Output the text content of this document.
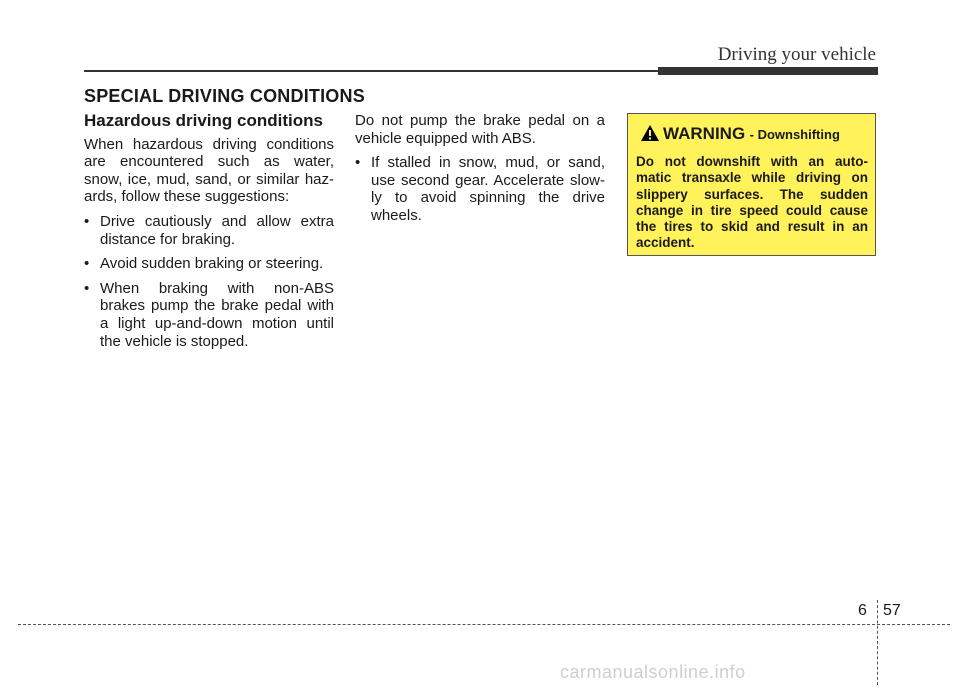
Driving your vehicle
SPECIAL DRIVING CONDITIONS

Hazardous driving conditions

When hazardous driving conditions are encountered such as water, snow, ice, mud, sand, or similar haz-ards, follow these suggestions:

• Drive cautiously and allow extra distance for braking.
• Avoid sudden braking or steering.
• When braking with non-ABS brakes pump the brake pedal with a light up-and-down motion until the vehicle is stopped.

Do not pump the brake pedal on a vehicle equipped with ABS.

• If stalled in snow, mud, or sand, use second gear. Accelerate slow-ly to avoid spinning the drive wheels.
WARNING - Downshifting
Do not downshift with an auto-matic transaxle while driving on slippery surfaces. The sudden change in tire speed could cause the tires to skid and result in an accident.
6 57
carmanualsonline.info
